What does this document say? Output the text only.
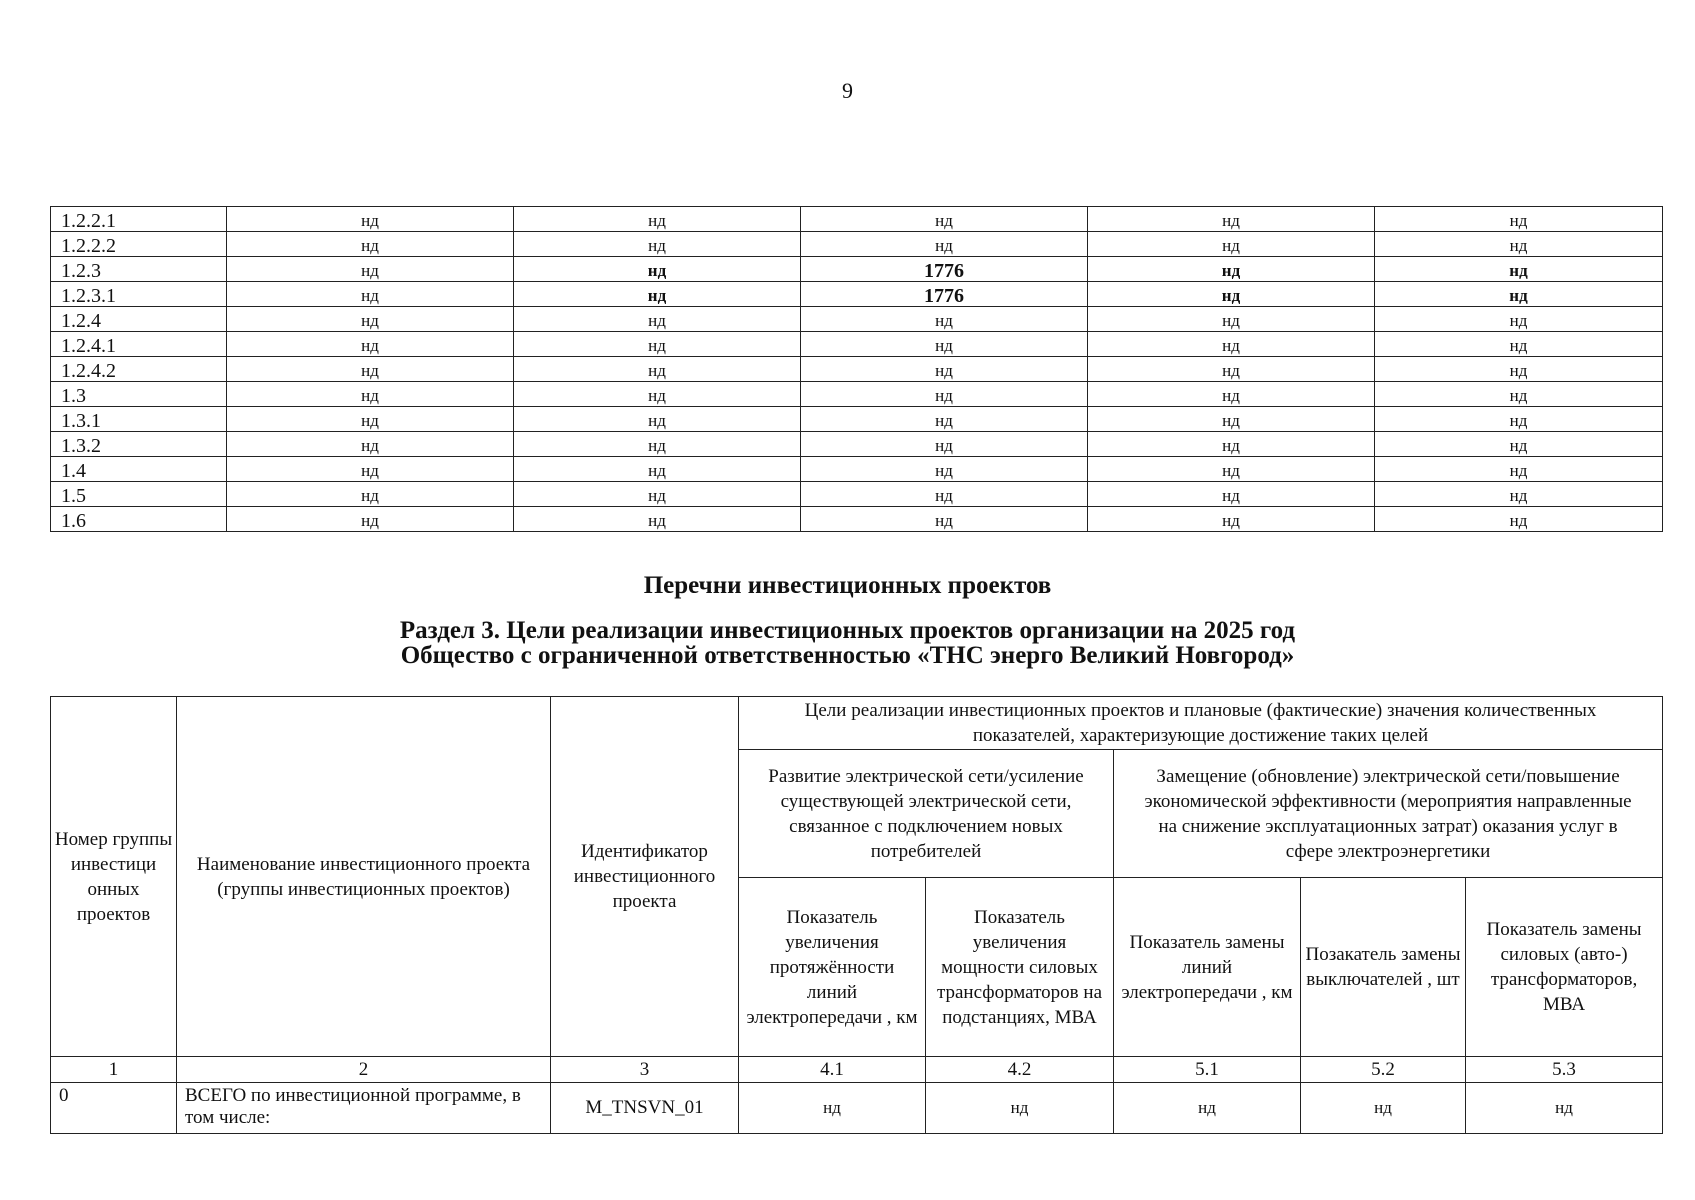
9
1.2.2.1	нд	нд	нд	нд	нд
1.2.2.2	нд	нд	нд	нд	нд
1.2.3	нд	нд	1776	нд	нд
1.2.3.1	нд	нд	1776	нд	нд
1.2.4	нд	нд	нд	нд	нд
1.2.4.1	нд	нд	нд	нд	нд
1.2.4.2	нд	нд	нд	нд	нд
1.3	нд	нд	нд	нд	нд
1.3.1	нд	нд	нд	нд	нд
1.3.2	нд	нд	нд	нд	нд
1.4	нд	нд	нд	нд	нд
1.5	нд	нд	нд	нд	нд
1.6	нд	нд	нд	нд	нд
Перечни инвестиционных проектов
Раздел 3. Цели реализации инвестиционных проектов организации на 2025 год
Общество с ограниченной ответственностью «ТНС энерго Великий Новгород»
Номер группы инвестици онных проектов	Наименование инвестиционного проекта (группы инвестиционных проектов)	Идентификатор инвестиционного проекта	Цели реализации инвестиционных проектов и плановые (фактические) значения количественных показателей, характеризующие достижение таких целей				
			Развитие электрической сети/усиление существующей электрической сети, связанное с подключением новых потребителей		Замещение (обновление) электрической сети/повышение экономической эффективности (мероприятия направленные на снижение эксплуатационных затрат) оказания услуг в сфере электроэнергетики		
			Показатель увеличения протяжённости линий электропередачи , км	Показатель увеличения мощности силовых трансформаторов на подстанциях, МВА	Показатель замены линий электропередачи , км	Позакатель замены выключателей , шт	Показатель замены силовых (авто-) трансформаторов, МВА
1	2	3	4.1	4.2	5.1	5.2	5.3
0	ВСЕГО по инвестиционной программе, в том числе:	M_TNSVN_01	нд	нд	нд	нд	нд
